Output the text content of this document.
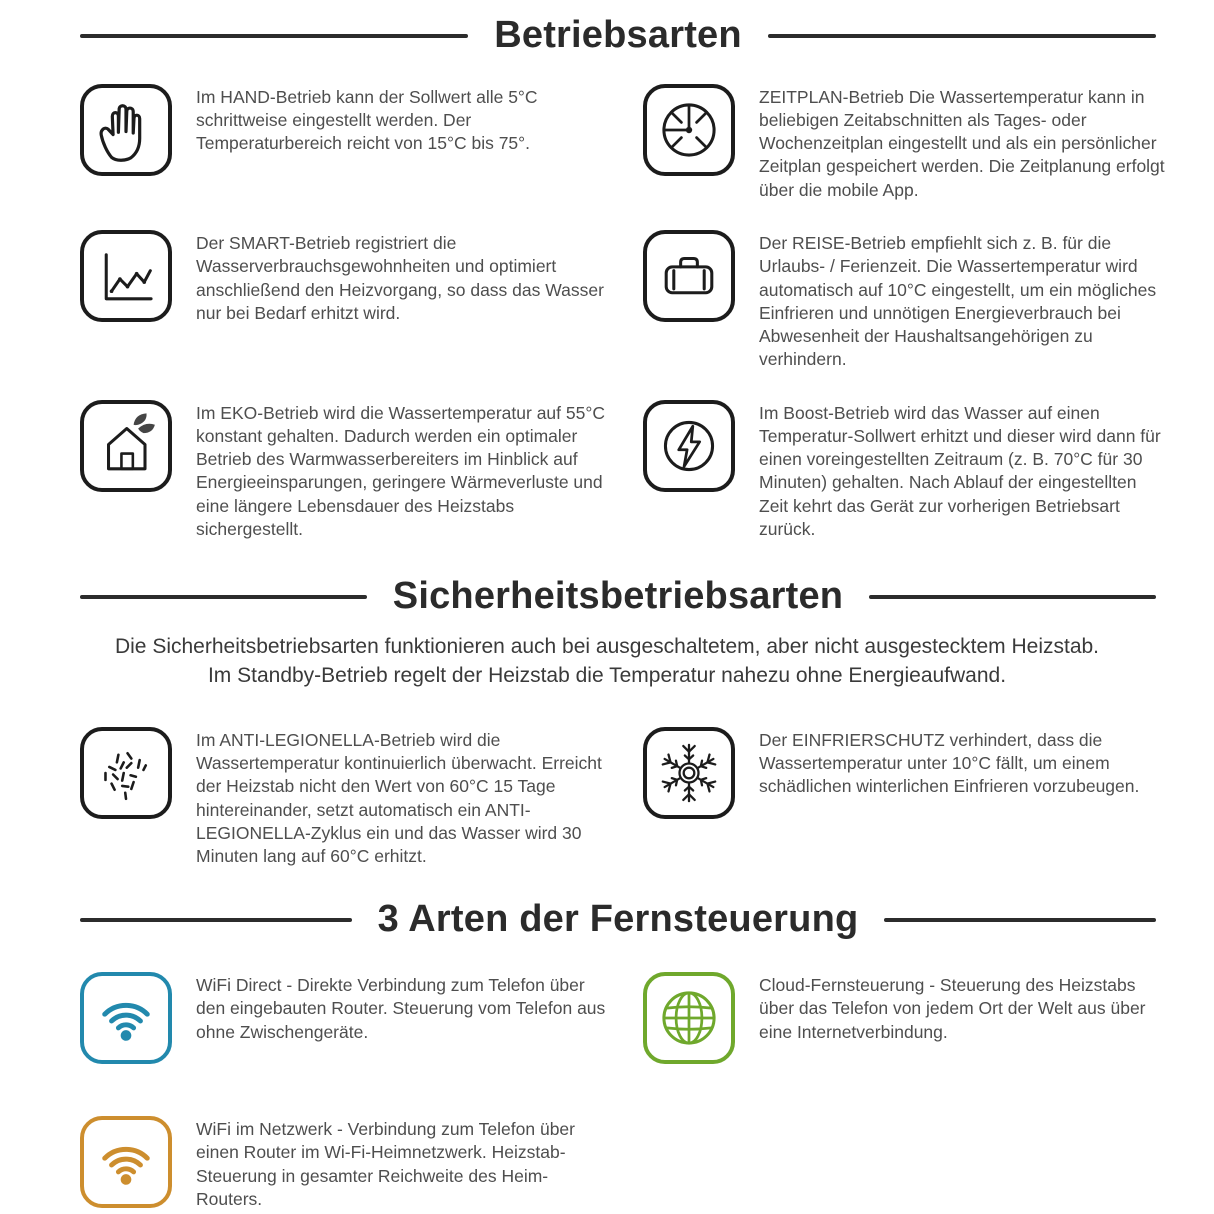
Betriebsarten

Im HAND-Betrieb kann der Sollwert alle 5°C schrittweise eingestellt werden. Der Temperaturbereich reicht von 15°C bis 75°.

ZEITPLAN-Betrieb Die Wassertemperatur kann in beliebigen Zeitabschnitten als Tages- oder Wochenzeitplan eingestellt und als ein persönlicher Zeitplan gespeichert werden. Die Zeitplanung erfolgt über die mobile App.

Der SMART-Betrieb registriert die Wasserverbrauchsgewohnheiten und optimiert anschließend den Heizvorgang, so dass das Wasser nur bei Bedarf erhitzt wird.

Der REISE-Betrieb empfiehlt sich z. B. für die Urlaubs- / Ferienzeit. Die Wassertemperatur wird automatisch auf 10°C eingestellt, um ein mögliches Einfrieren und unnötigen Energieverbrauch bei Abwesenheit der Haushaltsangehörigen zu verhindern.

Im EKO-Betrieb wird die Wassertemperatur auf 55°C konstant gehalten. Dadurch werden ein optimaler Betrieb des Warmwasserbereiters im Hinblick auf Energieeinsparungen, geringere Wärmeverluste und eine längere Lebensdauer des Heizstabs sichergestellt.

Im Boost-Betrieb wird das Wasser auf einen Temperatur-Sollwert erhitzt und dieser wird dann für einen voreingestellten Zeitraum (z. B. 70°C für 30 Minuten) gehalten. Nach Ablauf der eingestellten Zeit kehrt das Gerät zur vorherigen Betriebsart zurück.

Sicherheitsbetriebsarten

Die Sicherheitsbetriebsarten funktionieren auch bei ausgeschaltetem, aber nicht ausgestecktem Heizstab. Im Standby-Betrieb regelt der Heizstab die Temperatur nahezu ohne Energieaufwand.

Im ANTI-LEGIONELLA-Betrieb wird die Wassertemperatur kontinuierlich überwacht. Erreicht der Heizstab nicht den Wert von 60°C 15 Tage hintereinander, setzt automatisch ein ANTI-LEGIONELLA-Zyklus ein und das Wasser wird 30 Minuten lang auf 60°C erhitzt.

Der EINFRIERSCHUTZ verhindert, dass die Wassertemperatur unter 10°C fällt, um einem schädlichen winterlichen Einfrieren vorzubeugen.

3 Arten der Fernsteuerung

WiFi Direct - Direkte Verbindung zum Telefon über den eingebauten Router. Steuerung vom Telefon aus ohne Zwischengeräte.

Cloud-Fernsteuerung - Steuerung des Heizstabs über das Telefon von jedem Ort der Welt aus über eine Internetverbindung.

WiFi im Netzwerk - Verbindung zum Telefon über einen Router im Wi-Fi-Heimnetzwerk. Heizstab-Steuerung in gesamter Reichweite des Heim-Routers.
